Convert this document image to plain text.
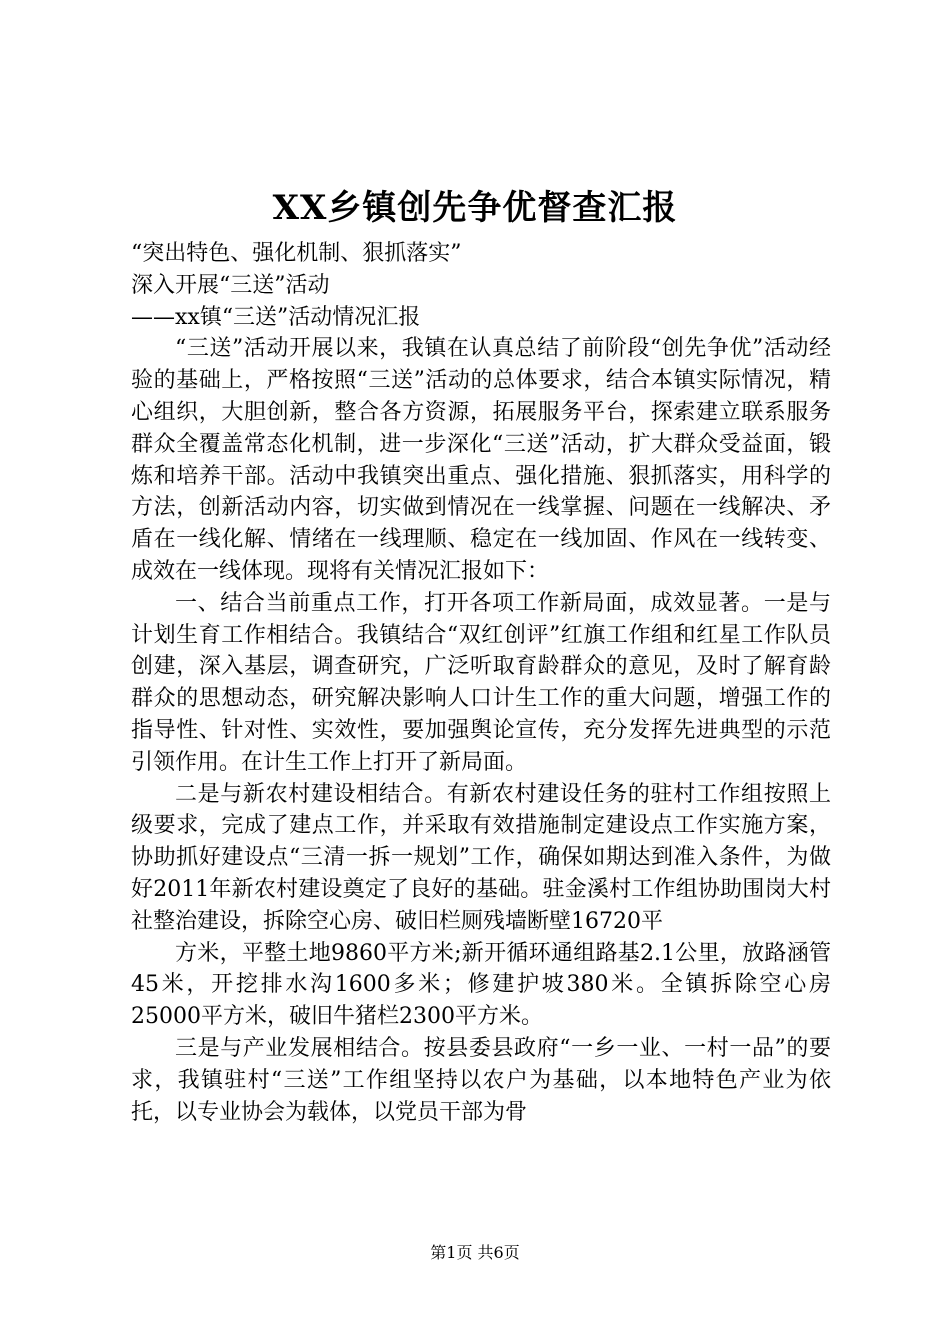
XX乡镇创先争优督查汇报

“突出特色、强化机制、狠抓落实”

深入开展“三送”活动

——xx镇“三送”活动情况汇报

“三送”活动开展以来，我镇在认真总结了前阶段“创先争优”活动经验的基础上，严格按照“三送”活动的总体要求，结合本镇实际情况，精心组织，大胆创新，整合各方资源，拓展服务平台，探索建立联系服务群众全覆盖常态化机制，进一步深化“三送”活动，扩大群众受益面，锻炼和培养干部。活动中我镇突出重点、强化措施、狠抓落实，用科学的方法，创新活动内容，切实做到情况在一线掌握、问题在一线解决、矛盾在一线化解、情绪在一线理顺、稳定在一线加固、作风在一线转变、成效在一线体现。现将有关情况汇报如下：

一、结合当前重点工作，打开各项工作新局面，成效显著。一是与计划生育工作相结合。我镇结合“双红创评”红旗工作组和红星工作队员创建，深入基层，调查研究，广泛听取育龄群众的意见，及时了解育龄群众的思想动态，研究解决影响人口计生工作的重大问题，增强工作的指导性、针对性、实效性，要加强舆论宣传，充分发挥先进典型的示范引领作用。在计生工作上打开了新局面。

二是与新农村建设相结合。有新农村建设任务的驻村工作组按照上级要求，完成了建点工作，并采取有效措施制定建设点工作实施方案，协助抓好建设点“三清一拆一规划”工作，确保如期达到准入条件，为做好2011年新农村建设奠定了良好的基础。驻金溪村工作组协助围岗大村社整治建设，拆除空心房、破旧栏厕残墙断壁16720平

方米，平整土地9860平方米;新开循环通组路基2.1公里，放路涵管45米，开挖排水沟1600多米；修建护坡380米。全镇拆除空心房25000平方米，破旧牛猪栏2300平方米。

三是与产业发展相结合。按县委县政府“一乡一业、一村一品”的要求，我镇驻村“三送”工作组坚持以农户为基础，以本地特色产业为依托，以专业协会为载体，以党员干部为骨

第1页 共6页
